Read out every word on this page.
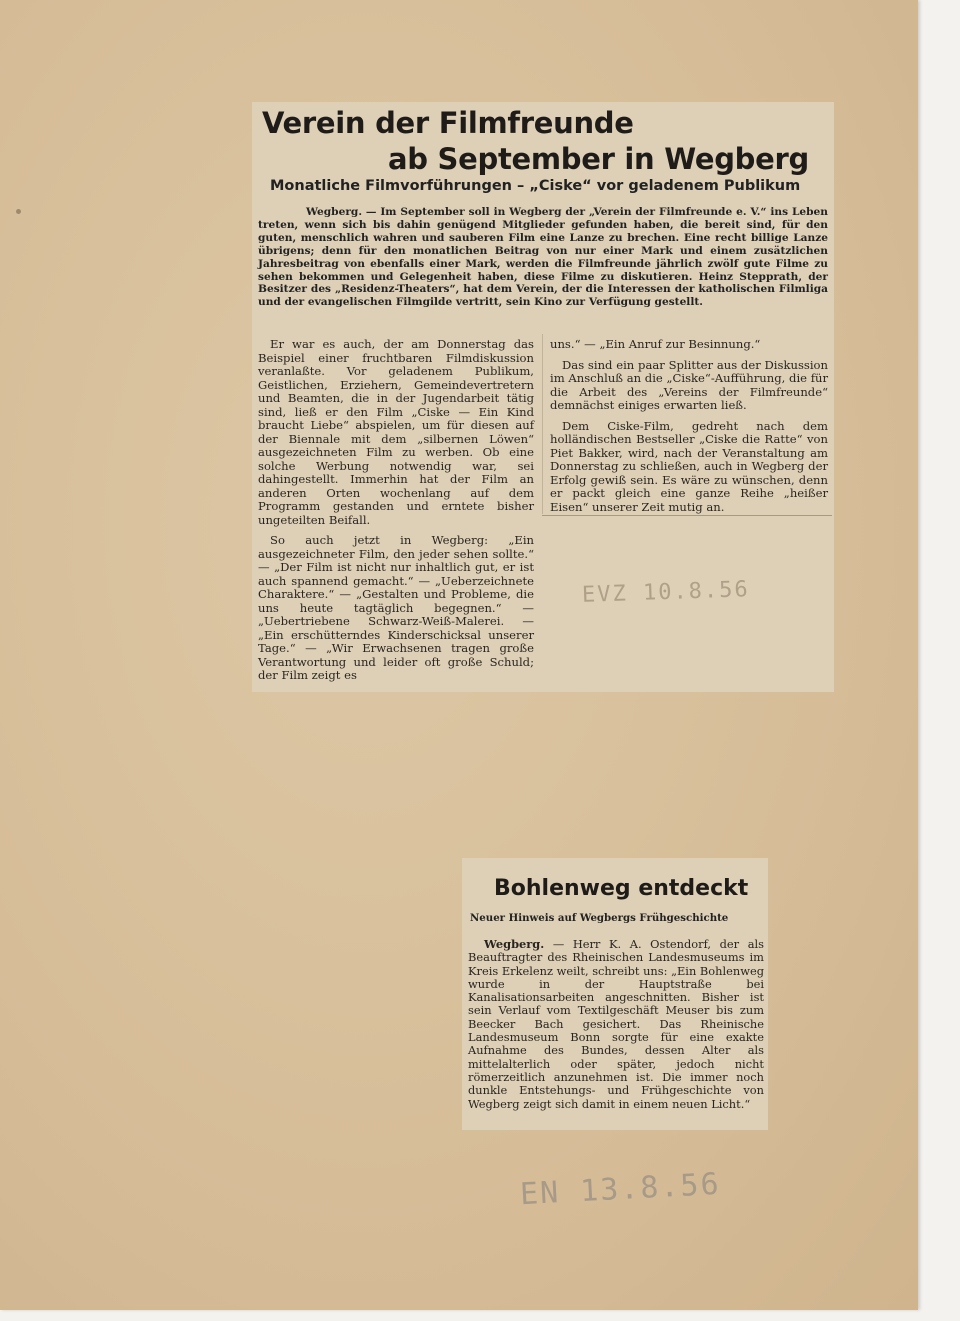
Verein der Filmfreunde
ab September in Wegberg
Monatliche Filmvorführungen – „Ciske“ vor geladenem Publikum
Wegberg. — Im September soll in Wegberg der „Verein der Filmfreunde e. V.“ ins Leben treten, wenn sich bis dahin genügend Mitglieder gefunden haben, die bereit sind, für den guten, menschlich wahren und sauberen Film eine Lanze zu brechen. Eine recht billige Lanze übrigens; denn für den monatlichen Beitrag von nur einer Mark und einem zusätzlichen Jahresbeitrag von ebenfalls einer Mark, werden die Filmfreunde jährlich zwölf gute Filme zu sehen bekommen und Gelegenheit haben, diese Filme zu diskutieren. Heinz Stepprath, der Besitzer des „Residenz-Theaters“, hat dem Verein, der die Interessen der katholischen Filmliga und der evangelischen Filmgilde vertritt, sein Kino zur Verfügung gestellt.

Er war es auch, der am Donnerstag das Beispiel einer fruchtbaren Filmdiskussion veranlaßte. Vor geladenem Publikum, Geistlichen, Erziehern, Gemeindevertretern und Beamten, die in der Jugendarbeit tätig sind, ließ er den Film „Ciske — Ein Kind braucht Liebe“ abspielen, um für diesen auf der Biennale mit dem „silbernen Löwen“ ausgezeichneten Film zu werben. Ob eine solche Werbung notwendig war, sei dahingestellt. Immerhin hat der Film an anderen Orten wochenlang auf dem Programm gestanden und erntete bisher ungeteilten Beifall.

So auch jetzt in Wegberg: „Ein ausgezeichneter Film, den jeder sehen sollte.“ — „Der Film ist nicht nur inhaltlich gut, er ist auch spannend gemacht.“ — „Ueberzeichnete Charaktere.“ — „Gestalten und Probleme, die uns heute tagtäglich begegnen.“ — „Uebertriebene Schwarz-Weiß-Malerei. — „Ein erschütterndes Kinderschicksal unserer Tage.“ — „Wir Erwachsenen tragen große Verantwortung und leider oft große Schuld; der Film zeigt es

uns.“ — „Ein Anruf zur Besinnung.“

Das sind ein paar Splitter aus der Diskussion im Anschluß an die „Ciske“-Aufführung, die für die Arbeit des „Vereins der Filmfreunde“ demnächst einiges erwarten ließ.

Dem Ciske-Film, gedreht nach dem holländischen Bestseller „Ciske die Ratte“ von Piet Bakker, wird, nach der Veranstaltung am Donnerstag zu schließen, auch in Wegberg der Erfolg gewiß sein. Es wäre zu wünschen, denn er packt gleich eine ganze Reihe „heißer Eisen“ unserer Zeit mutig an.

EVZ 10.8.56
Bohlenweg entdeckt
Neuer Hinweis auf Wegbergs Frühgeschichte
Wegberg. — Herr K. A. Ostendorf, der als Beauftragter des Rheinischen Landesmuseums im Kreis Erkelenz weilt, schreibt uns: „Ein Bohlenweg wurde in der Hauptstraße bei Kanalisationsarbeiten angeschnitten. Bisher ist sein Verlauf vom Textilgeschäft Meuser bis zum Beecker Bach gesichert. Das Rheinische Landesmuseum Bonn sorgte für eine exakte Aufnahme des Bundes, dessen Alter als mittelalterlich oder später, jedoch nicht römerzeitlich anzunehmen ist. Die immer noch dunkle Entstehungs- und Frühgeschichte von Wegberg zeigt sich damit in einem neuen Licht.“
EN 13.8.56
